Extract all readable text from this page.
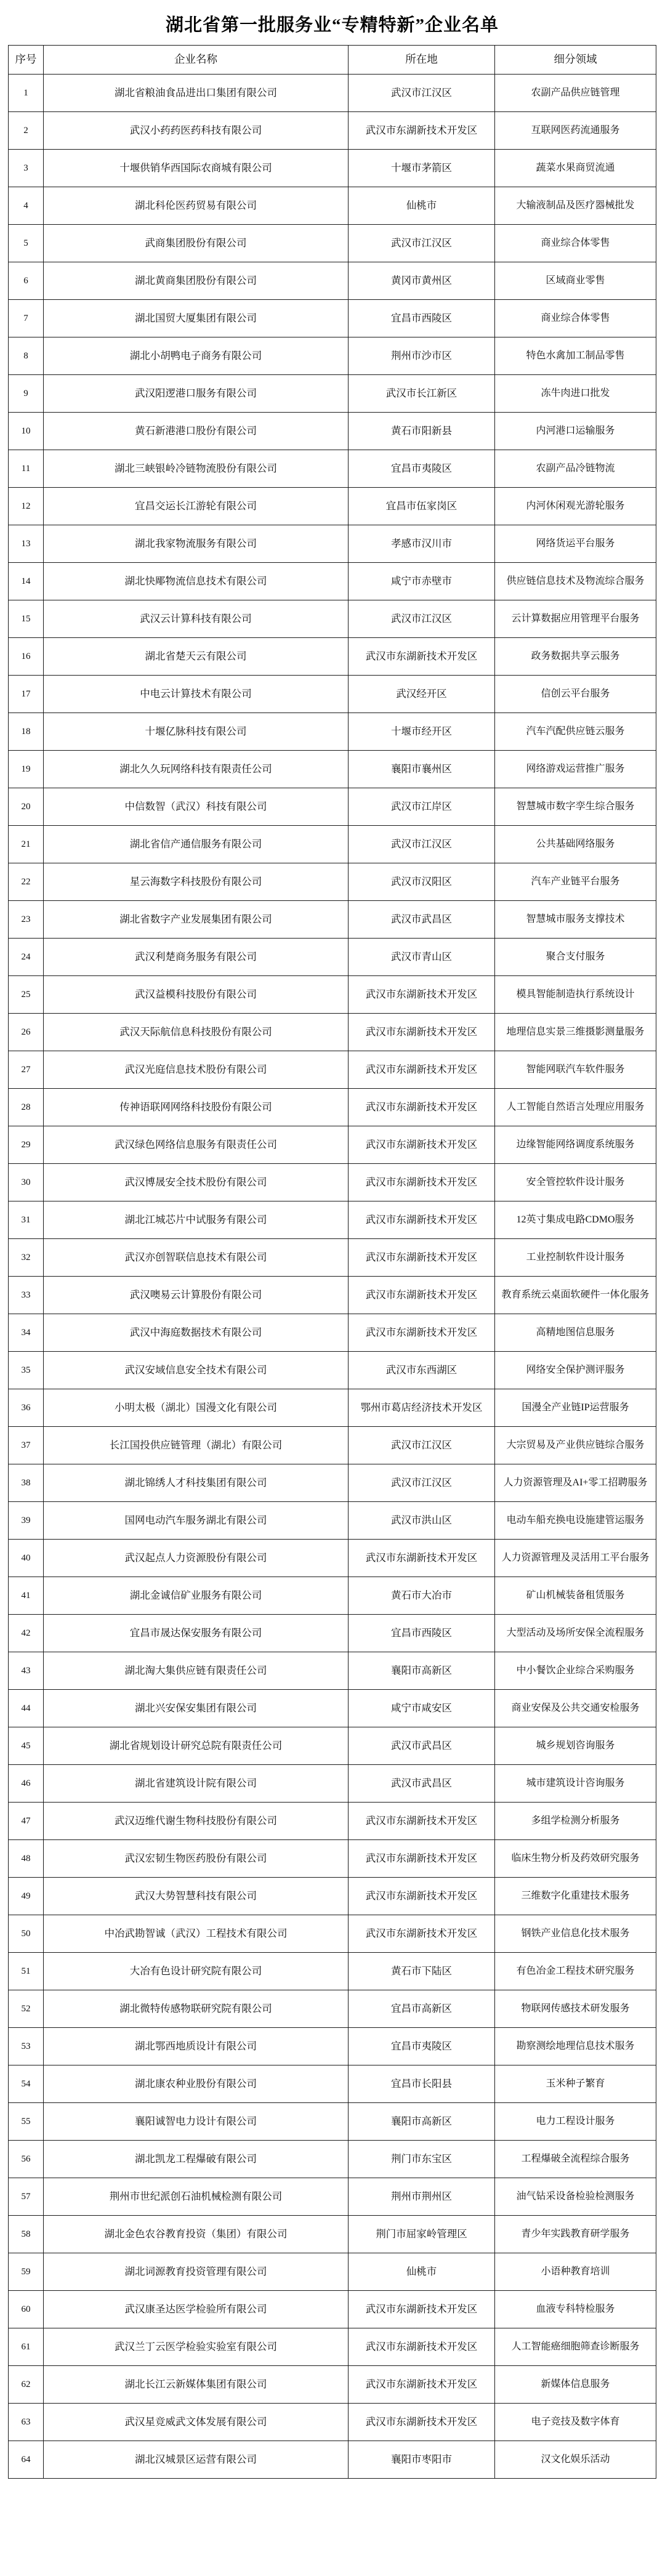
湖北省第一批服务业“专精特新”企业名单
序号	企业名称	所在地	细分领域
1	湖北省粮油食品进出口集团有限公司	武汉市江汉区	农副产品供应链管理
2	武汉小药药医药科技有限公司	武汉市东湖新技术开发区	互联网医药流通服务
3	十堰供销华西国际农商城有限公司	十堰市茅箭区	蔬菜水果商贸流通
4	湖北科伦医药贸易有限公司	仙桃市	大输液制品及医疗器械批发
5	武商集团股份有限公司	武汉市江汉区	商业综合体零售
6	湖北黄商集团股份有限公司	黄冈市黄州区	区域商业零售
7	湖北国贸大厦集团有限公司	宜昌市西陵区	商业综合体零售
8	湖北小胡鸭电子商务有限公司	荆州市沙市区	特色水禽加工制品零售
9	武汉阳逻港口服务有限公司	武汉市长江新区	冻牛肉进口批发
10	黄石新港港口股份有限公司	黄石市阳新县	内河港口运输服务
11	湖北三峡银岭冷链物流股份有限公司	宜昌市夷陵区	农副产品冷链物流
12	宜昌交运长江游轮有限公司	宜昌市伍家岗区	内河休闲观光游轮服务
13	湖北我家物流服务有限公司	孝感市汉川市	网络货运平台服务
14	湖北快郮物流信息技术有限公司	咸宁市赤壁市	供应链信息技术及物流综合服务
15	武汉云计算科技有限公司	武汉市江汉区	云计算数据应用管理平台服务
16	湖北省楚天云有限公司	武汉市东湖新技术开发区	政务数据共享云服务
17	中电云计算技术有限公司	武汉经开区	信创云平台服务
18	十堰亿脉科技有限公司	十堰市经开区	汽车汽配供应链云服务
19	湖北久久玩网络科技有限责任公司	襄阳市襄州区	网络游戏运营推广服务
20	中信数智（武汉）科技有限公司	武汉市江岸区	智慧城市数字孪生综合服务
21	湖北省信产通信服务有限公司	武汉市江汉区	公共基础网络服务
22	星云海数字科技股份有限公司	武汉市汉阳区	汽车产业链平台服务
23	湖北省数字产业发展集团有限公司	武汉市武昌区	智慧城市服务支撑技术
24	武汉利楚商务服务有限公司	武汉市青山区	聚合支付服务
25	武汉益模科技股份有限公司	武汉市东湖新技术开发区	模具智能制造执行系统设计
26	武汉天际航信息科技股份有限公司	武汉市东湖新技术开发区	地理信息实景三维摄影测量服务
27	武汉光庭信息技术股份有限公司	武汉市东湖新技术开发区	智能网联汽车软件服务
28	传神语联网网络科技股份有限公司	武汉市东湖新技术开发区	人工智能自然语言处理应用服务
29	武汉绿色网络信息服务有限责任公司	武汉市东湖新技术开发区	边缘智能网络调度系统服务
30	武汉博晟安全技术股份有限公司	武汉市东湖新技术开发区	安全管控软件设计服务
31	湖北江城芯片中试服务有限公司	武汉市东湖新技术开发区	12英寸集成电路CDMO服务
32	武汉亦创智联信息技术有限公司	武汉市东湖新技术开发区	工业控制软件设计服务
33	武汉噢易云计算股份有限公司	武汉市东湖新技术开发区	教育系统云桌面软硬件一体化服务
34	武汉中海庭数据技术有限公司	武汉市东湖新技术开发区	高精地图信息服务
35	武汉安域信息安全技术有限公司	武汉市东西湖区	网络安全保护测评服务
36	小明太极（湖北）国漫文化有限公司	鄂州市葛店经济技术开发区	国漫全产业链IP运营服务
37	长江国投供应链管理（湖北）有限公司	武汉市江汉区	大宗贸易及产业供应链综合服务
38	湖北锦绣人才科技集团有限公司	武汉市江汉区	人力资源管理及AI+零工招聘服务
39	国网电动汽车服务湖北有限公司	武汉市洪山区	电动车船充换电设施建管运服务
40	武汉起点人力资源股份有限公司	武汉市东湖新技术开发区	人力资源管理及灵活用工平台服务
41	湖北金诚信矿业服务有限公司	黄石市大冶市	矿山机械装备租赁服务
42	宜昌市晟达保安服务有限公司	宜昌市西陵区	大型活动及场所安保全流程服务
43	湖北淘大集供应链有限责任公司	襄阳市高新区	中小餐饮企业综合采购服务
44	湖北兴安保安集团有限公司	咸宁市咸安区	商业安保及公共交通安检服务
45	湖北省规划设计研究总院有限责任公司	武汉市武昌区	城乡规划咨询服务
46	湖北省建筑设计院有限公司	武汉市武昌区	城市建筑设计咨询服务
47	武汉迈维代谢生物科技股份有限公司	武汉市东湖新技术开发区	多组学检测分析服务
48	武汉宏韧生物医药股份有限公司	武汉市东湖新技术开发区	临床生物分析及药效研究服务
49	武汉大势智慧科技有限公司	武汉市东湖新技术开发区	三维数字化重建技术服务
50	中冶武勘智诚（武汉）工程技术有限公司	武汉市东湖新技术开发区	钢铁产业信息化技术服务
51	大冶有色设计研究院有限公司	黄石市下陆区	有色冶金工程技术研究服务
52	湖北微特传感物联研究院有限公司	宜昌市高新区	物联网传感技术研发服务
53	湖北鄂西地质设计有限公司	宜昌市夷陵区	勘察测绘地理信息技术服务
54	湖北康农种业股份有限公司	宜昌市长阳县	玉米种子繁育
55	襄阳诚智电力设计有限公司	襄阳市高新区	电力工程设计服务
56	湖北凯龙工程爆破有限公司	荆门市东宝区	工程爆破全流程综合服务
57	荆州市世纪派创石油机械检测有限公司	荆州市荆州区	油气钻采设备检验检测服务
58	湖北金色农谷教育投资（集团）有限公司	荆门市屈家岭管理区	青少年实践教育研学服务
59	湖北词源教育投资管理有限公司	仙桃市	小语种教育培训
60	武汉康圣达医学检验所有限公司	武汉市东湖新技术开发区	血液专科特检服务
61	武汉兰丁云医学检验实验室有限公司	武汉市东湖新技术开发区	人工智能癌细胞筛查诊断服务
62	湖北长江云新媒体集团有限公司	武汉市东湖新技术开发区	新媒体信息服务
63	武汉星竞威武文体发展有限公司	武汉市东湖新技术开发区	电子竞技及数字体育
64	湖北汉城景区运营有限公司	襄阳市枣阳市	汉文化娱乐活动
